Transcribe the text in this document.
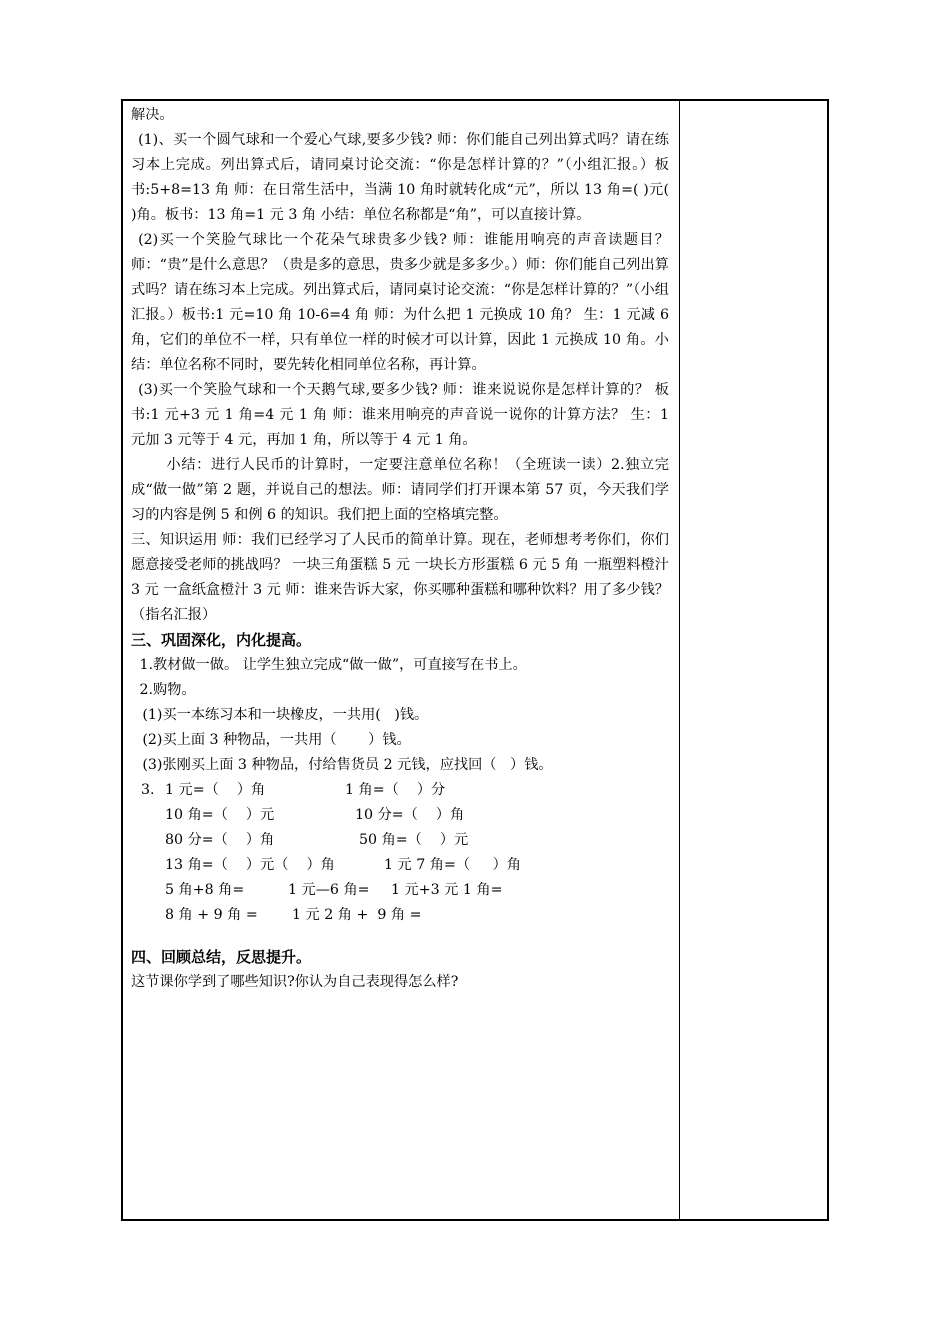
解决。

(1)、买一个圆气球和一个爱心气球,要多少钱? 师：你们能自己列出算式吗？请在练习本上完成。列出算式后，请同桌讨论交流：“你是怎样计算的？”（小组汇报。）板书:5+8=13 角 师：在日常生活中，当满 10 角时就转化成“元”，所以 13 角=( )元( )角。板书：13 角=1 元 3 角 小结：单位名称都是“角”，可以直接计算。

(2)买一个笑脸气球比一个花朵气球贵多少钱? 师：谁能用响亮的声音读题目？ 师：“贵”是什么意思？（贵是多的意思，贵多少就是多多少。）师：你们能自己列出算式吗？请在练习本上完成。列出算式后，请同桌讨论交流：“你是怎样计算的？”（小组汇报。）板书:1 元=10 角 10-6=4 角 师：为什么把 1 元换成 10 角？ 生：1 元减 6 角，它们的单位不一样，只有单位一样的时候才可以计算，因此 1 元换成 10 角。小结：单位名称不同时，要先转化相同单位名称，再计算。

(3)买一个笑脸气球和一个天鹅气球,要多少钱? 师：谁来说说你是怎样计算的？ 板书:1 元+3 元 1 角=4 元 1 角 师：谁来用响亮的声音说一说你的计算方法？ 生：1 元加 3 元等于 4 元，再加 1 角，所以等于 4 元 1 角。

小结：进行人民币的计算时，一定要注意单位名称！（全班读一读）2.独立完成“做一做”第 2 题，并说自己的想法。师：请同学们打开课本第 57 页，今天我们学习的内容是例 5 和例 6 的知识。我们把上面的空格填完整。

三、知识运用 师：我们已经学习了人民币的简单计算。现在，老师想考考你们，你们愿意接受老师的挑战吗？ 一块三角蛋糕 5 元 一块长方形蛋糕 6 元 5 角 一瓶塑料橙汁 3 元 一盒纸盒橙汁 3 元 师：谁来告诉大家，你买哪种蛋糕和哪种饮料？用了多少钱？（指名汇报）

三、巩固深化，内化提高。

1.教材做一做。 让学生独立完成“做一做”，可直接写在书上。

2.购物。

(1)买一本练习本和一块橡皮，一共用(   )钱。

(2)买上面 3 种物品，一共用（       ）钱。

(3)张刚买上面 3 种物品，付给售货员 2 元钱，应找回（   ）钱。

3.

1 元=（    ）角

	1 角=（    ）分

10 角=（    ）元

	10 分=（    ）角

80 分=（    ）角

	50 角=（    ）元

13 角=（    ）元（    ）角

	1 元 7 角=（     ）角

5 角+8 角=

	1 元—6 角=

1 元+3 元 1 角=

8 角 + 9 角 =

1 元 2 角 +  9 角 =

四、回顾总结，反思提升。

这节课你学到了哪些知识?你认为自己表现得怎么样?
